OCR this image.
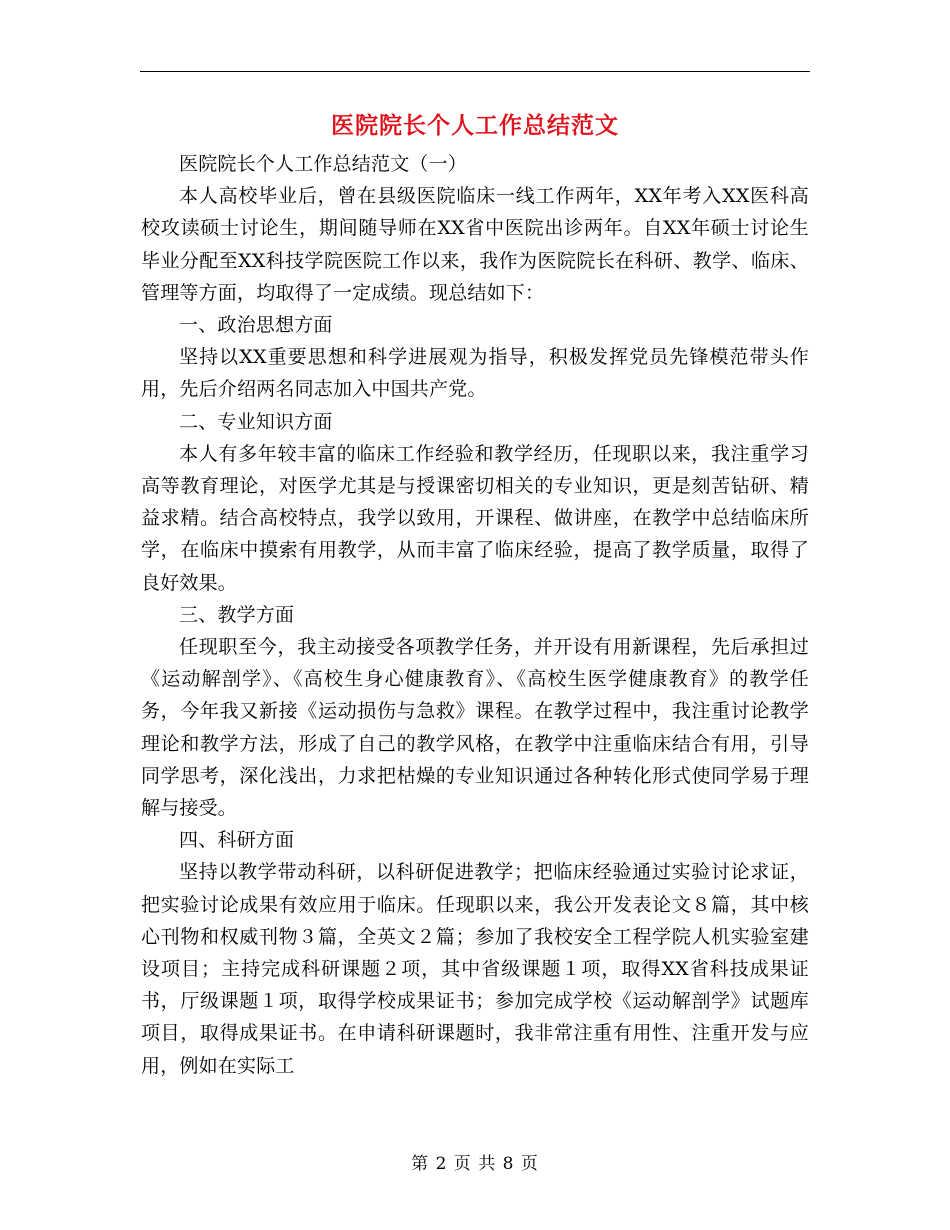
医院院长个人工作总结范文

医院院长个人工作总结范文（一）

本人高校毕业后，曾在县级医院临床一线工作两年，XX年考入XX医科高校攻读硕士讨论生，期间随导师在XX省中医院出诊两年。自XX年硕士讨论生毕业分配至XX科技学院医院工作以来，我作为医院院长在科研、教学、临床、管理等方面，均取得了一定成绩。现总结如下：

一、政治思想方面

坚持以XX重要思想和科学进展观为指导，积极发挥党员先锋模范带头作用，先后介绍两名同志加入中国共产党。

二、专业知识方面

本人有多年较丰富的临床工作经验和教学经历，任现职以来，我注重学习高等教育理论，对医学尤其是与授课密切相关的专业知识，更是刻苦钻研、精益求精。结合高校特点，我学以致用，开课程、做讲座，在教学中总结临床所学，在临床中摸索有用教学，从而丰富了临床经验，提高了教学质量，取得了良好效果。

三、教学方面

任现职至今，我主动接受各项教学任务，并开设有用新课程，先后承担过《运动解剖学》、《高校生身心健康教育》、《高校生医学健康教育》的教学任务，今年我又新接《运动损伤与急救》课程。在教学过程中，我注重讨论教学理论和教学方法，形成了自己的教学风格，在教学中注重临床结合有用，引导同学思考，深化浅出，力求把枯燥的专业知识通过各种转化形式使同学易于理解与接受。

四、科研方面

坚持以教学带动科研，以科研促进教学；把临床经验通过实验讨论求证，把实验讨论成果有效应用于临床。任现职以来，我公开发表论文８篇，其中核心刊物和权威刊物３篇，全英文２篇；参加了我校安全工程学院人机实验室建设项目；主持完成科研课题２项，其中省级课题１项，取得XX省科技成果证书，厅级课题１项，取得学校成果证书；参加完成学校《运动解剖学》试题库项目，取得成果证书。在申请科研课题时，我非常注重有用性、注重开发与应用，例如在实际工

第 2 页 共 8 页
